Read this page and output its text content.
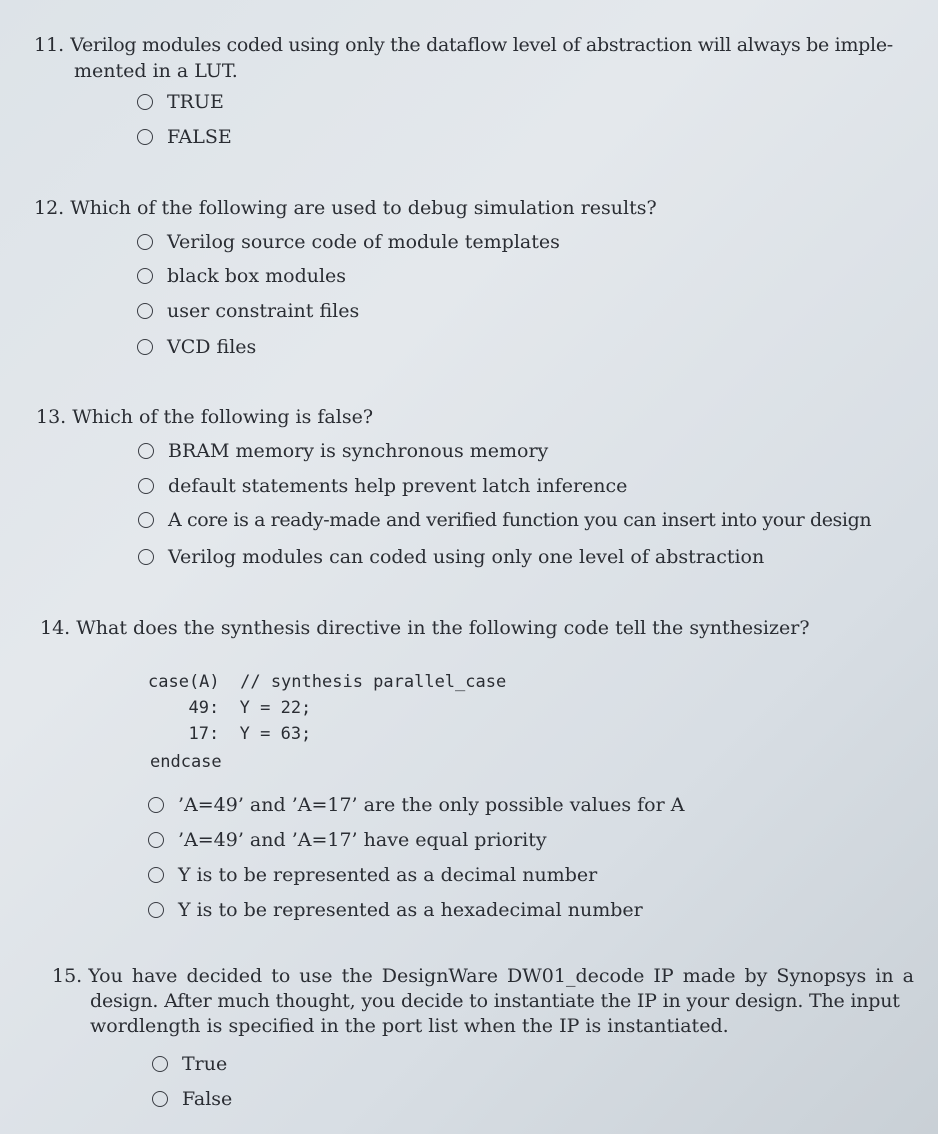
11. Verilog modules coded using only the dataflow level of abstraction will always be imple-
mented in a LUT.
TRUE
FALSE
12. Which of the following are used to debug simulation results?
Verilog source code of module templates
black box modules
user constraint files
VCD files
13. Which of the following is false?
BRAM memory is synchronous memory
default statements help prevent latch inference
A core is a ready-made and verified function you can insert into your design
Verilog modules can coded using only one level of abstraction
14. What does the synthesis directive in the following code tell the synthesizer?
case(A)  // synthesis parallel_case
49:  Y = 22;
17:  Y = 63;
endcase
’A=49’ and ’A=17’ are the only possible values for A
’A=49’ and ’A=17’ have equal priority
Y is to be represented as a decimal number
Y is to be represented as a hexadecimal number
15. You have decided to use the DesignWare DW01_decode IP made by Synopsys in a
design. After much thought, you decide to instantiate the IP in your design. The input
wordlength is specified in the port list when the IP is instantiated.
True
False
